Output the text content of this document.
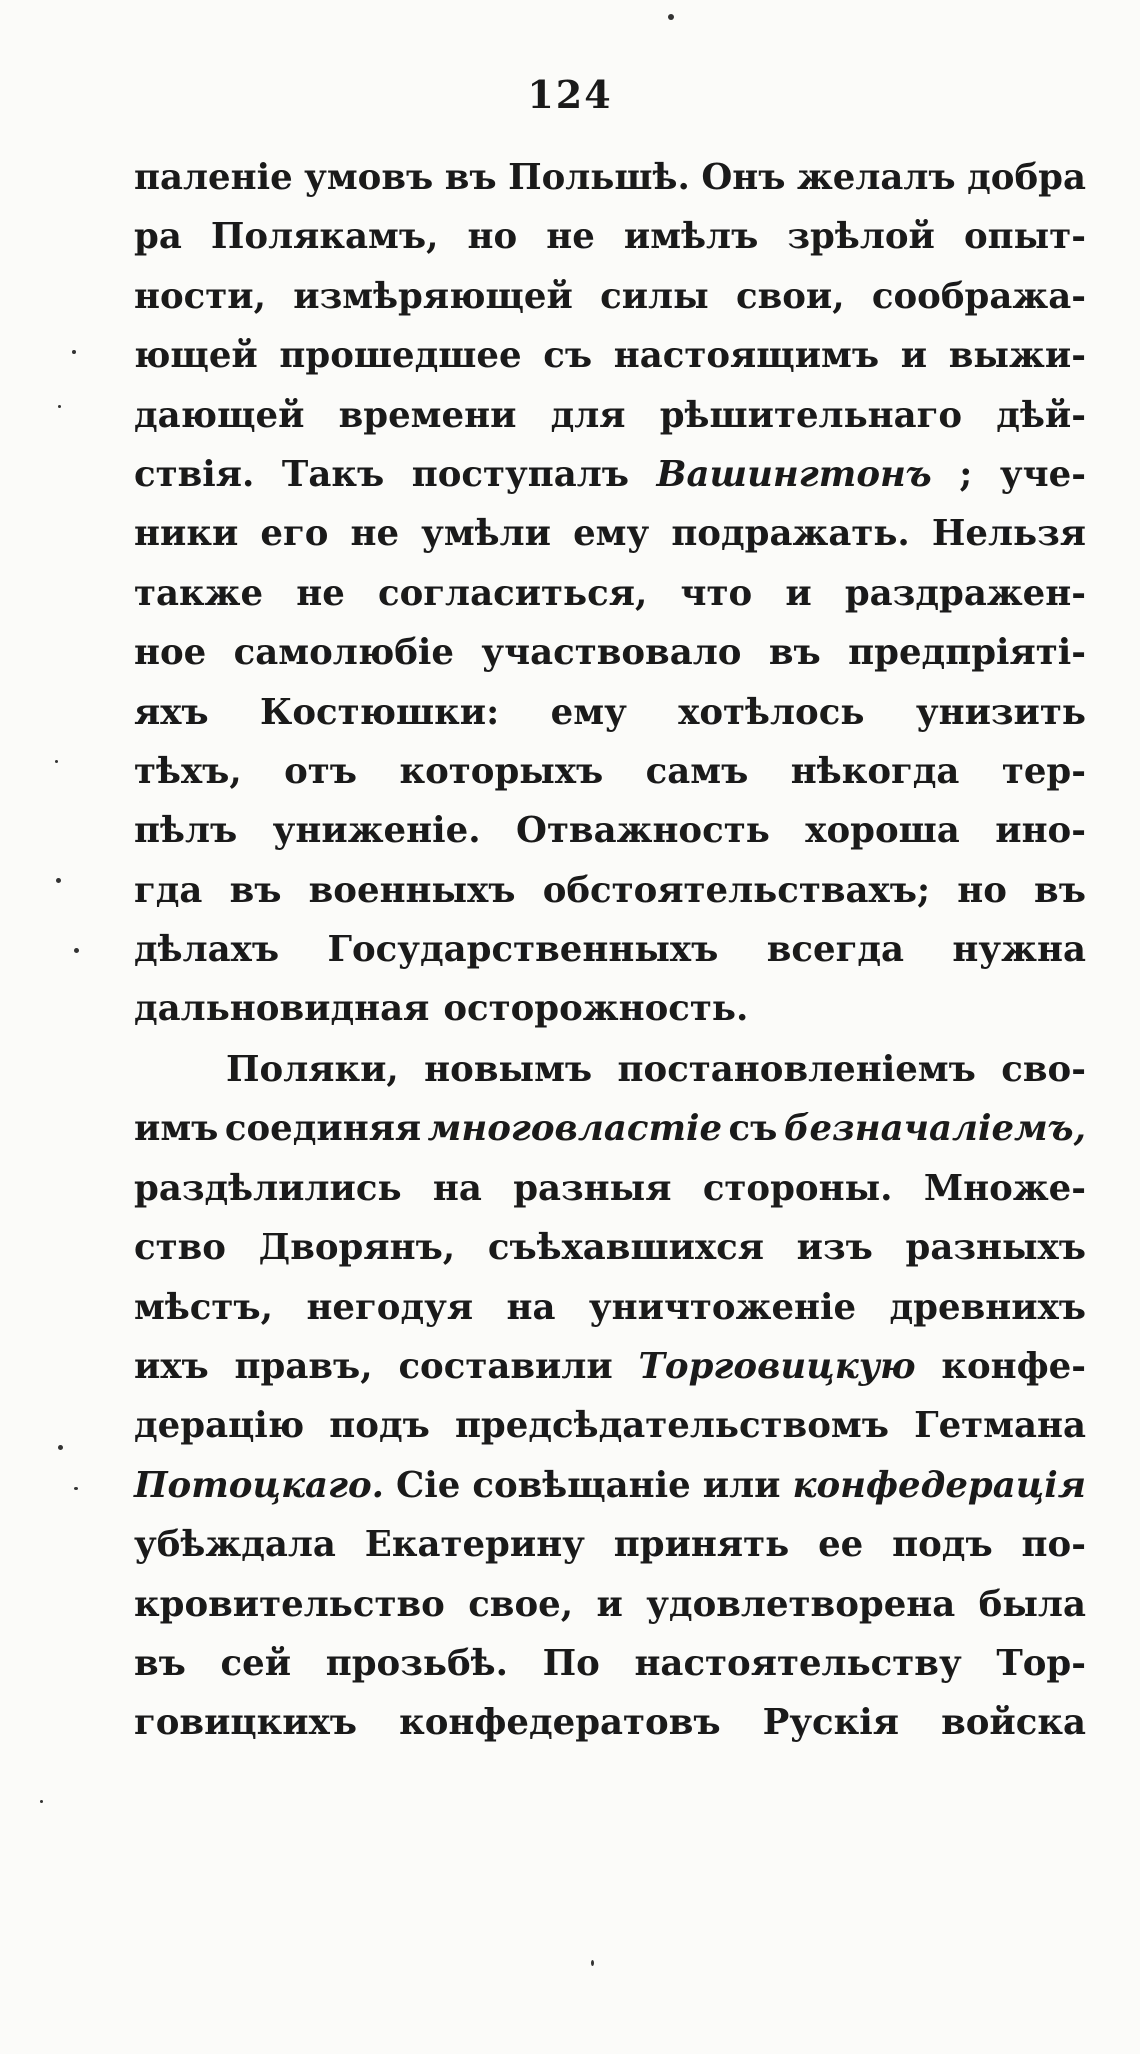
124
паленіе умовъ въ Польшѣ. Онъ желалъ добра
ра Полякамъ, но не имѣлъ зрѣлой опыт-
ности, измѣряющей силы свои, соображa-
ющей прошедшее съ настоящимъ и выжи-
дающей времени для рѣшительнаго дѣй-
ствія. Такъ поступалъ Вашингтонъ ; уче-
ники его не умѣли ему подражать. Нельзя
также не согласиться, что и раздражен-
ное самолюбіе участвовало въ предпріяті-
яхъ Костюшки: ему хотѣлось унизить
тѣхъ, отъ которыхъ самъ нѣкогда тер-
пѣлъ униженіе. Отважность хороша ино-
гда въ военныхъ обстоятельствахъ; но въ
дѣлахъ Государственныхъ всегда нужна
дальновидная осторожность.
Поляки, новымъ постановленіемъ сво-
имъ соединяя многовластіе съ безначаліемъ,
раздѣлились на разныя стороны. Множе-
ство Дворянъ, съѣхавшихся изъ разныхъ
мѣстъ, негодуя на уничтоженіе древнихъ
ихъ правъ, составили Торговицкую конфе-
дерацію подъ предсѣдательствомъ Гетмана
Потоцкаго. Сіе совѣщаніе или конфедерація
убѣждала Екатерину принять ее подъ по-
кровительство свое, и удовлетворена была
въ сей прозьбѣ. По настоятельству Тор-
говицкихъ конфедератовъ Рускія войска
